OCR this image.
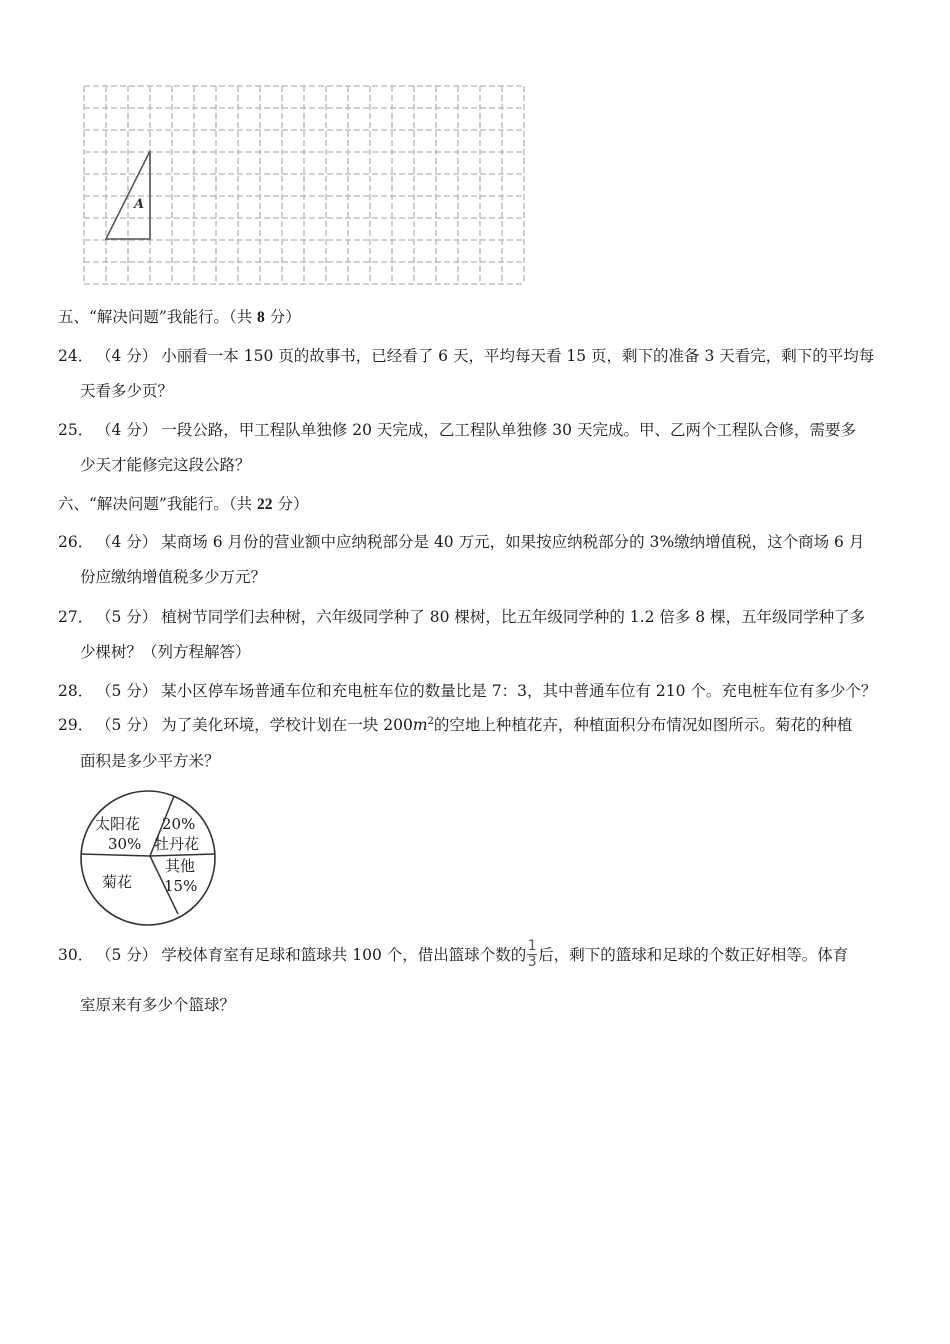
A
五、“解决问题”我能行。（共 8 分）
24． （4 分） 小丽看一本 150 页的故事书，已经看了 6 天，平均每天看 15 页，剩下的准备 3 天看完，剩下的平均每
天看多少页？
25． （4 分） 一段公路，甲工程队单独修 20 天完成，乙工程队单独修 30 天完成。甲、乙两个工程队合修，需要多
少天才能修完这段公路？
六、“解决问题”我能行。（共 22 分）
26． （4 分） 某商场 6 月份的营业额中应纳税部分是 40 万元，如果按应纳税部分的 3%缴纳增值税，这个商场 6 月
份应缴纳增值税多少万元？
27． （5 分） 植树节同学们去种树，六年级同学种了 80 棵树，比五年级同学种的 1.2 倍多 8 棵，五年级同学种了多
少棵树？（列方程解答）
28． （5 分） 某小区停车场普通车位和充电桩车位的数量比是 7：3，其中普通车位有 210 个。充电桩车位有多少个？
29． （5 分） 为了美化环境，学校计划在一块 $200m^2$的空地上种植花卉，种植面积分布情况如图所示。菊花的种植
面积是多少平方米？
太阳花
30%
20%
牡丹花
其他
15%
菊花
30． （5 分） 学校体育室有足球和篮球共 100 个，借出篮球个数的 $\frac{1}{3}$ 后，剩下的篮球和足球的个数正好相等。体育
室原来有多少个篮球？
